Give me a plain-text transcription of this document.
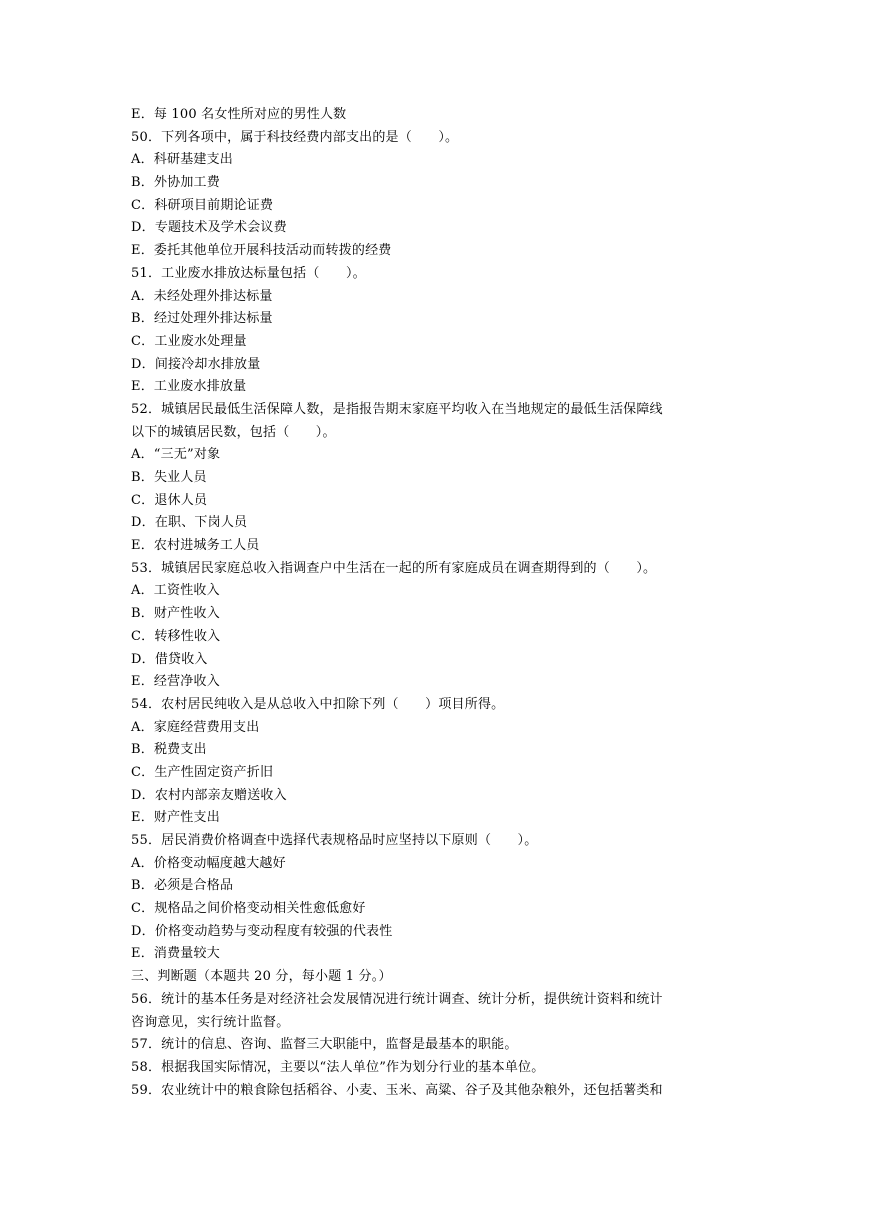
E．每 100 名女性所对应的男性人数
50．下列各项中，属于科技经费内部支出的是（　　）。
A．科研基建支出
B．外协加工费
C．科研项目前期论证费
D．专题技术及学术会议费
E．委托其他单位开展科技活动而转拨的经费
51．工业废水排放达标量包括（　　）。
A．未经处理外排达标量
B．经过处理外排达标量
C．工业废水处理量
D．间接冷却水排放量
E．工业废水排放量
52．城镇居民最低生活保障人数，是指报告期末家庭平均收入在当地规定的最低生活保障线
以下的城镇居民数，包括（　　）。
A．“三无”对象
B．失业人员
C．退休人员
D．在职、下岗人员
E．农村进城务工人员
53．城镇居民家庭总收入指调查户中生活在一起的所有家庭成员在调查期得到的（　　）。
A．工资性收入
B．财产性收入
C．转移性收入
D．借贷收入
E．经营净收入
54．农村居民纯收入是从总收入中扣除下列（　　）项目所得。
A．家庭经营费用支出
B．税费支出
C．生产性固定资产折旧
D．农村内部亲友赠送收入
E．财产性支出
55．居民消费价格调查中选择代表规格品时应坚持以下原则（　　）。
A．价格变动幅度越大越好
B．必须是合格品
C．规格品之间价格变动相关性愈低愈好
D．价格变动趋势与变动程度有较强的代表性
E．消费量较大
三、判断题（本题共 20 分，每小题 1 分。）
56．统计的基本任务是对经济社会发展情况进行统计调查、统计分析，提供统计资料和统计
咨询意见，实行统计监督。
57．统计的信息、咨询、监督三大职能中，监督是最基本的职能。
58．根据我国实际情况，主要以“法人单位”作为划分行业的基本单位。
59．农业统计中的粮食除包括稻谷、小麦、玉米、高粱、谷子及其他杂粮外，还包括薯类和
